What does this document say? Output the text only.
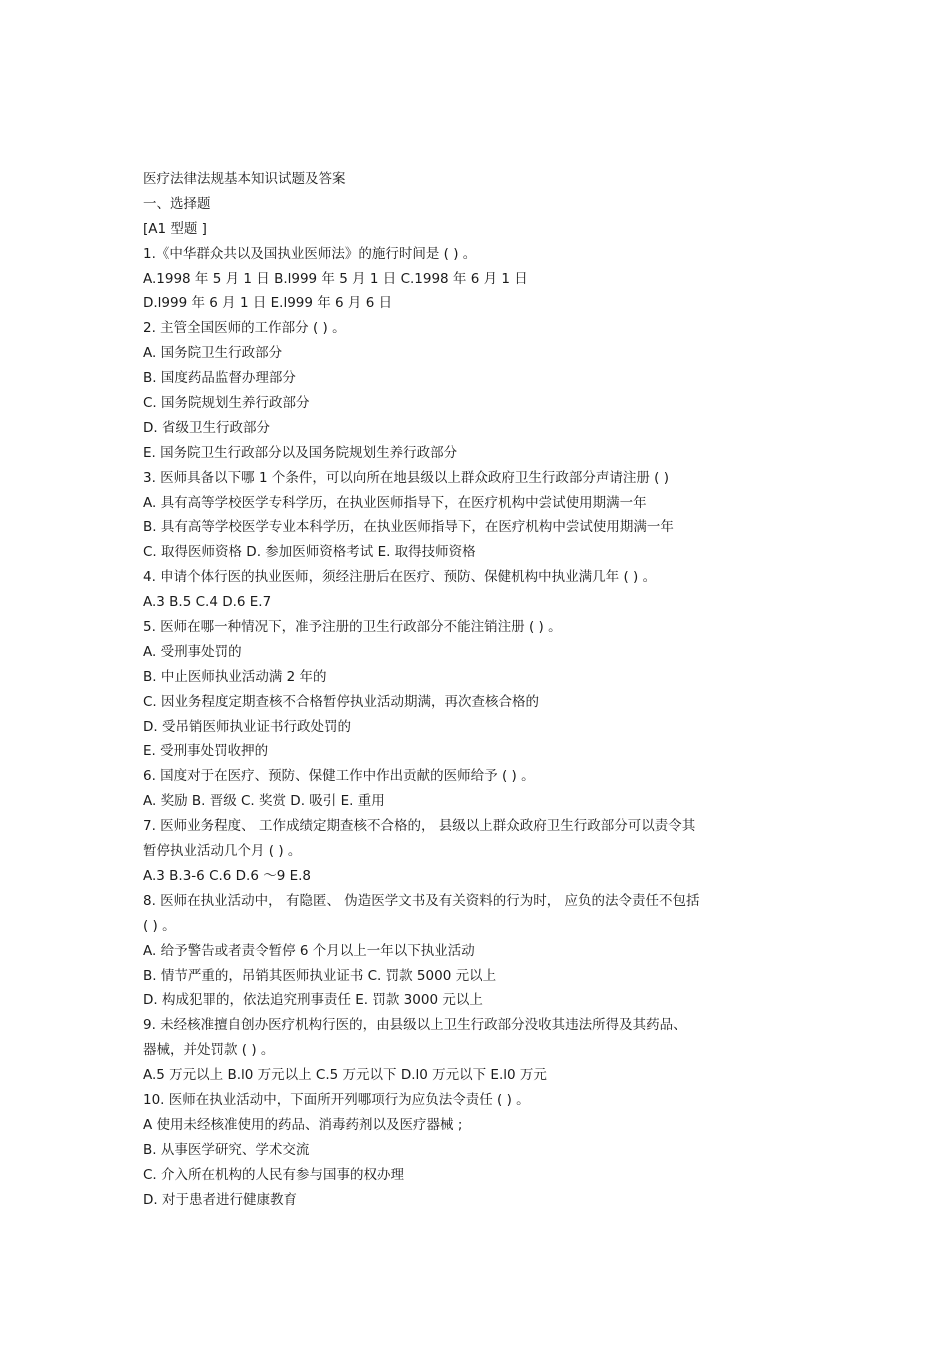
医疗法律法规基本知识试题及答案
一、选择题
[A1 型题 ]
1.《中华群众共以及国执业医师法》的施行时间是 ( ) 。
A.1998 年 5 月 1 日 B.l999 年 5 月 1 日 C.1998 年 6 月 1 日
D.l999 年 6 月 1 日 E.l999 年 6 月 6 日
2. 主管全国医师的工作部分 ( ) 。
A. 国务院卫生行政部分
B. 国度药品监督办理部分
C. 国务院规划生养行政部分
D. 省级卫生行政部分
E. 国务院卫生行政部分以及国务院规划生养行政部分
3. 医师具备以下哪 1 个条件，可以向所在地县级以上群众政府卫生行政部分声请注册 ( )
A. 具有高等学校医学专科学历，在执业医师指导下，在医疗机构中尝试使用期满一年
B. 具有高等学校医学专业本科学历，在执业医师指导下，在医疗机构中尝试使用期满一年
C. 取得医师资格 D. 参加医师资格考试 E. 取得技师资格
4. 申请个体行医的执业医师，须经注册后在医疗、预防、保健机构中执业满几年 ( ) 。
A.3 B.5 C.4 D.6 E.7
5. 医师在哪一种情况下，准予注册的卫生行政部分不能注销注册 ( ) 。
A. 受刑事处罚的
B. 中止医师执业活动满 2 年的
C. 因业务程度定期查核不合格暂停执业活动期满，再次查核合格的
D. 受吊销医师执业证书行政处罚的
E. 受刑事处罚收押的
6. 国度对于在医疗、预防、保健工作中作出贡献的医师给予 ( ) 。
A. 奖励 B. 晋级 C. 奖赏 D. 吸引 E. 重用
7. 医师业务程度、 工作成绩定期查核不合格的， 县级以上群众政府卫生行政部分可以责令其
暂停执业活动几个月 ( ) 。
A.3 B.3-6 C.6 D.6 ～9 E.8
8. 医师在执业活动中， 有隐匿、 伪造医学文书及有关资料的行为时， 应负的法令责任不包括
( ) 。
A. 给予警告或者责令暂停 6 个月以上一年以下执业活动
B. 情节严重的，吊销其医师执业证书 C. 罚款 5000 元以上
D. 构成犯罪的，依法追究刑事责任 E. 罚款 3000 元以上
9. 未经核准擅自创办医疗机构行医的，由县级以上卫生行政部分没收其违法所得及其药品、
器械，并处罚款 ( ) 。
A.5 万元以上 B.l0 万元以上 C.5 万元以下 D.l0 万元以下 E.l0 万元
10. 医师在执业活动中，下面所开列哪项行为应负法令责任 ( ) 。
A 使用未经核准使用的药品、消毒药剂以及医疗器械 ;
B. 从事医学研究、学术交流
C. 介入所在机构的人民有参与国事的权办理
D. 对于患者进行健康教育
